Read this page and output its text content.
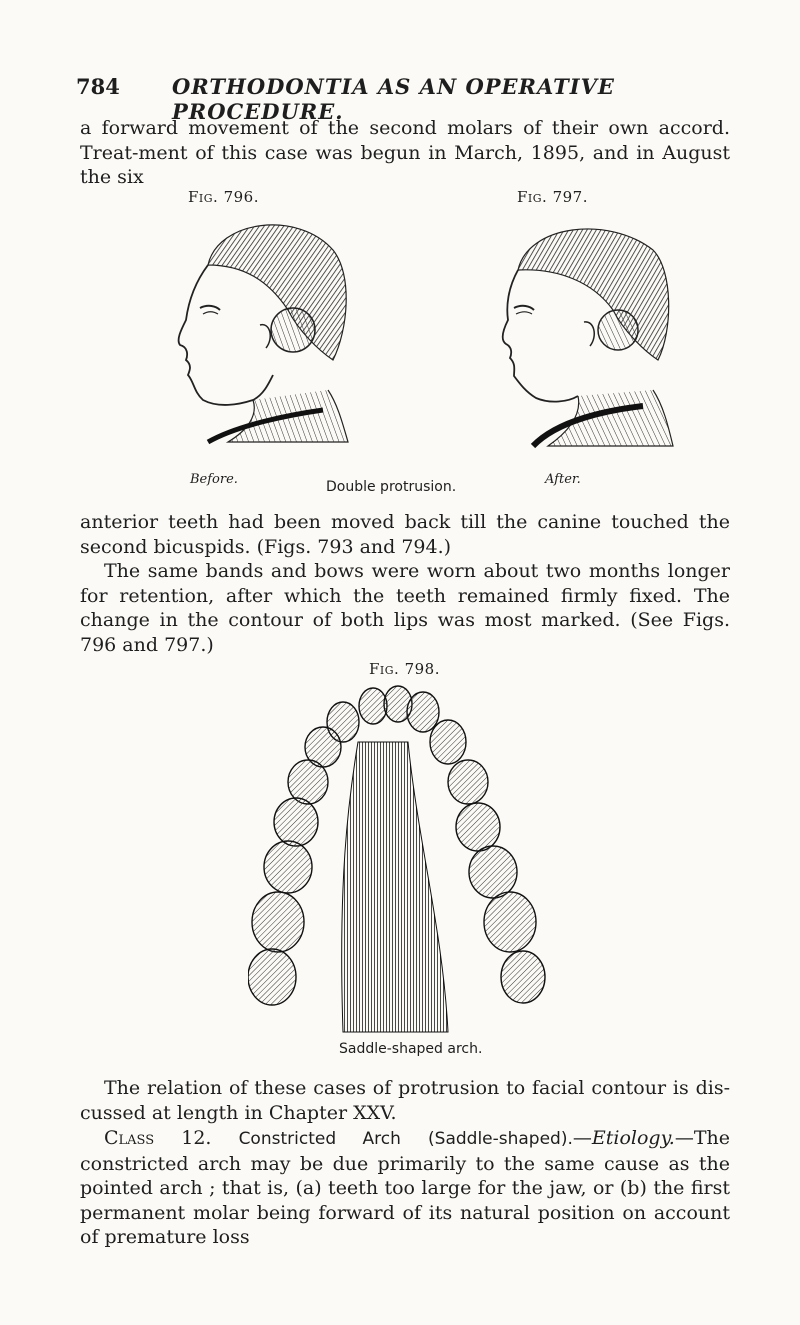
784 ORTHODONTIA AS AN OPERATIVE PROCEDURE.
a forward movement of the second molars of their own accord. Treat-ment of this case was begun in March, 1895, and in August the six
Fig. 796.
Before.
Fig. 797.
After.
Double protrusion.
anterior teeth had been moved back till the canine touched the second bicuspids. (Figs. 793 and 794.)
The same bands and bows were worn about two months longer for retention, after which the teeth remained firmly fixed. The change in the contour of both lips was most marked. (See Figs. 796 and 797.)
Fig. 798.
Saddle-shaped arch.
The relation of these cases of protrusion to facial contour is dis-cussed at length in Chapter XXV.
Class 12. Constricted Arch (Saddle-shaped).—Etiology.—The constricted arch may be due primarily to the same cause as the pointed arch ; that is, (a) teeth too large for the jaw, or (b) the first permanent molar being forward of its natural position on account of premature loss
